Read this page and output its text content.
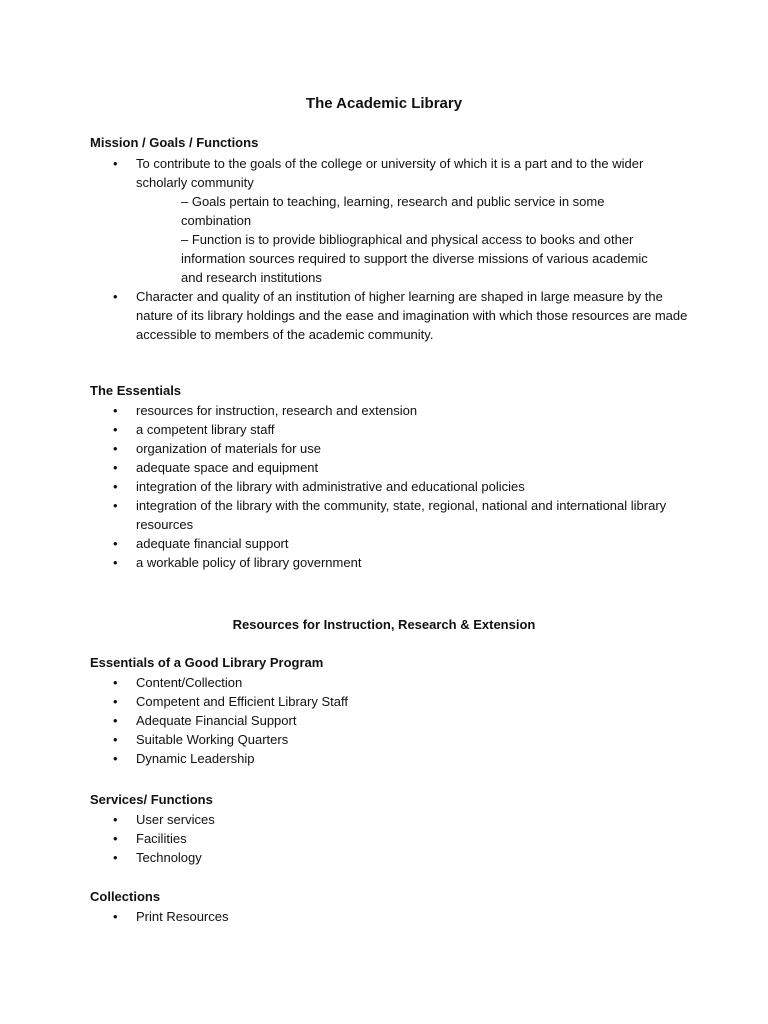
The Academic Library
Mission / Goals / Functions
• To contribute to the goals of the college or university of which it is a part and to the wider scholarly community
– Goals pertain to teaching, learning, research and public service in some combination
– Function is to provide bibliographical and physical access to books and other information sources required to support the diverse missions of various academic and research institutions
• Character and quality of an institution of higher learning are shaped in large measure by the nature of its library holdings and the ease and imagination with which those resources are made accessible to members of the academic community.
The Essentials
• resources for instruction, research and extension
• a competent library staff
• organization of materials for use
• adequate space and equipment
• integration of the library with administrative and educational policies
• integration of the library with the community, state, regional, national and international library resources
• adequate financial support
• a workable policy of library government
Resources for Instruction, Research & Extension
Essentials of a Good Library Program
• Content/Collection
• Competent and Efficient Library Staff
• Adequate Financial Support
• Suitable Working Quarters
• Dynamic Leadership
Services/ Functions
• User services
• Facilities
• Technology
Collections
• Print Resources
